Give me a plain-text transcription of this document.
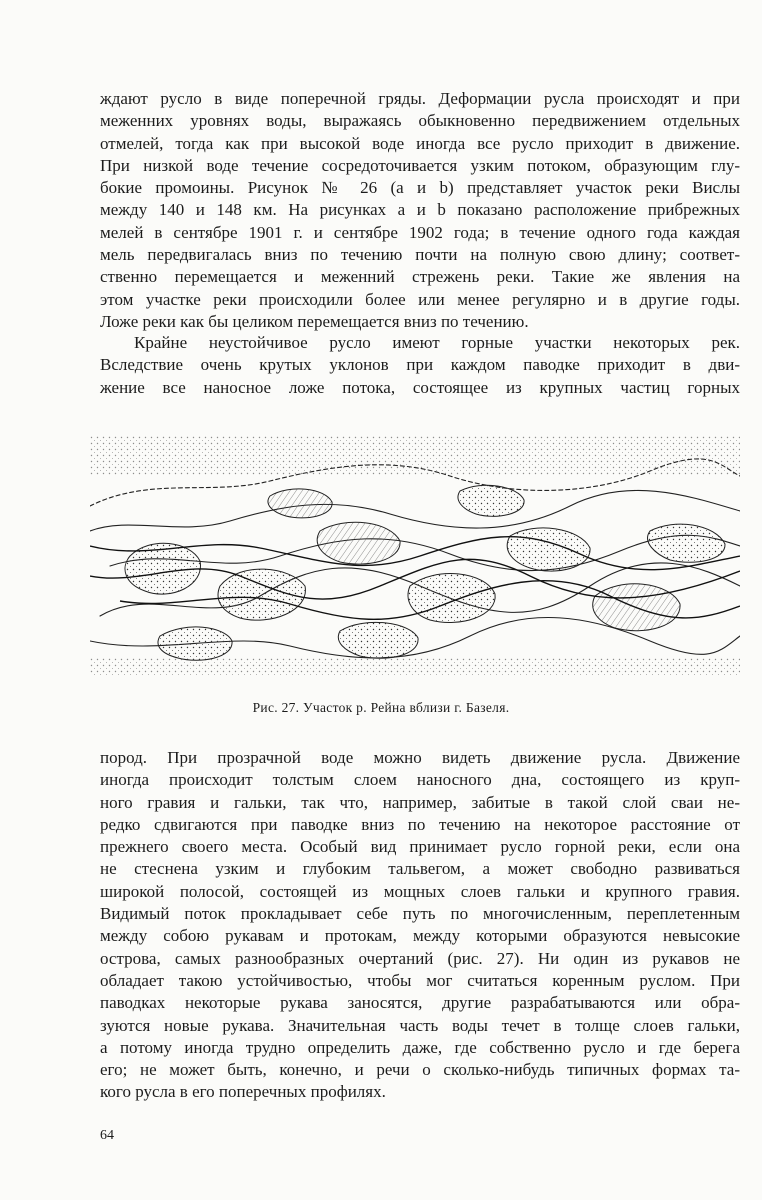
ждают русло в виде поперечной гряды. Деформации русла происходят и при
меженних уровнях воды, выражаясь обыкновенно передвижением отдельных
отмелей, тогда как при высокой воде иногда все русло приходит в движение.
При низкой воде течение сосредоточивается узким потоком, образующим глу-
бокие промоины. Рисунок № 26 (a и b) представляет участок реки Вислы
между 140 и 148 км. На рисунках a и b показано расположение прибрежных
мелей в сентябре 1901 г. и сентябре 1902 года; в течение одного года каждая
мель передвигалась вниз по течению почти на полную свою длину; соответ-
ственно перемещается и меженний стрежень реки. Такие же явления на
этом участке реки происходили более или менее регулярно и в другие годы.
Ложе реки как бы целиком перемещается вниз по течению.
Крайне неустойчивое русло имеют горные участки некоторых рек.
Вследствие очень крутых уклонов при каждом паводке приходит в дви-
жение все наносное ложе потока, состоящее из крупных частиц горных
Рис. 27. Участок р. Рейна вблизи г. Базеля.
пород. При прозрачной воде можно видеть движение русла. Движение
иногда происходит толстым слоем наносного дна, состоящего из круп-
ного гравия и гальки, так что, например, забитые в такой слой сваи не-
редко сдвигаются при паводке вниз по течению на некоторое расстояние от
прежнего своего места. Особый вид принимает русло горной реки, если она
не стеснена узким и глубоким тальвегом, а может свободно развиваться
широкой полосой, состоящей из мощных слоев гальки и крупного гравия.
Видимый поток прокладывает себе путь по многочисленным, переплетенным
между собою рукавам и протокам, между которыми образуются невысокие
острова, самых разнообразных очертаний (рис. 27). Ни один из рукавов не
обладает такою устойчивостью, чтобы мог считаться коренным руслом. При
паводках некоторые рукава заносятся, другие разрабатываются или обра-
зуются новые рукава. Значительная часть воды течет в толще слоев гальки,
а потому иногда трудно определить даже, где собственно русло и где берега
его; не может быть, конечно, и речи о сколько-нибудь типичных формах та-
кого русла в его поперечных профилях.
64
